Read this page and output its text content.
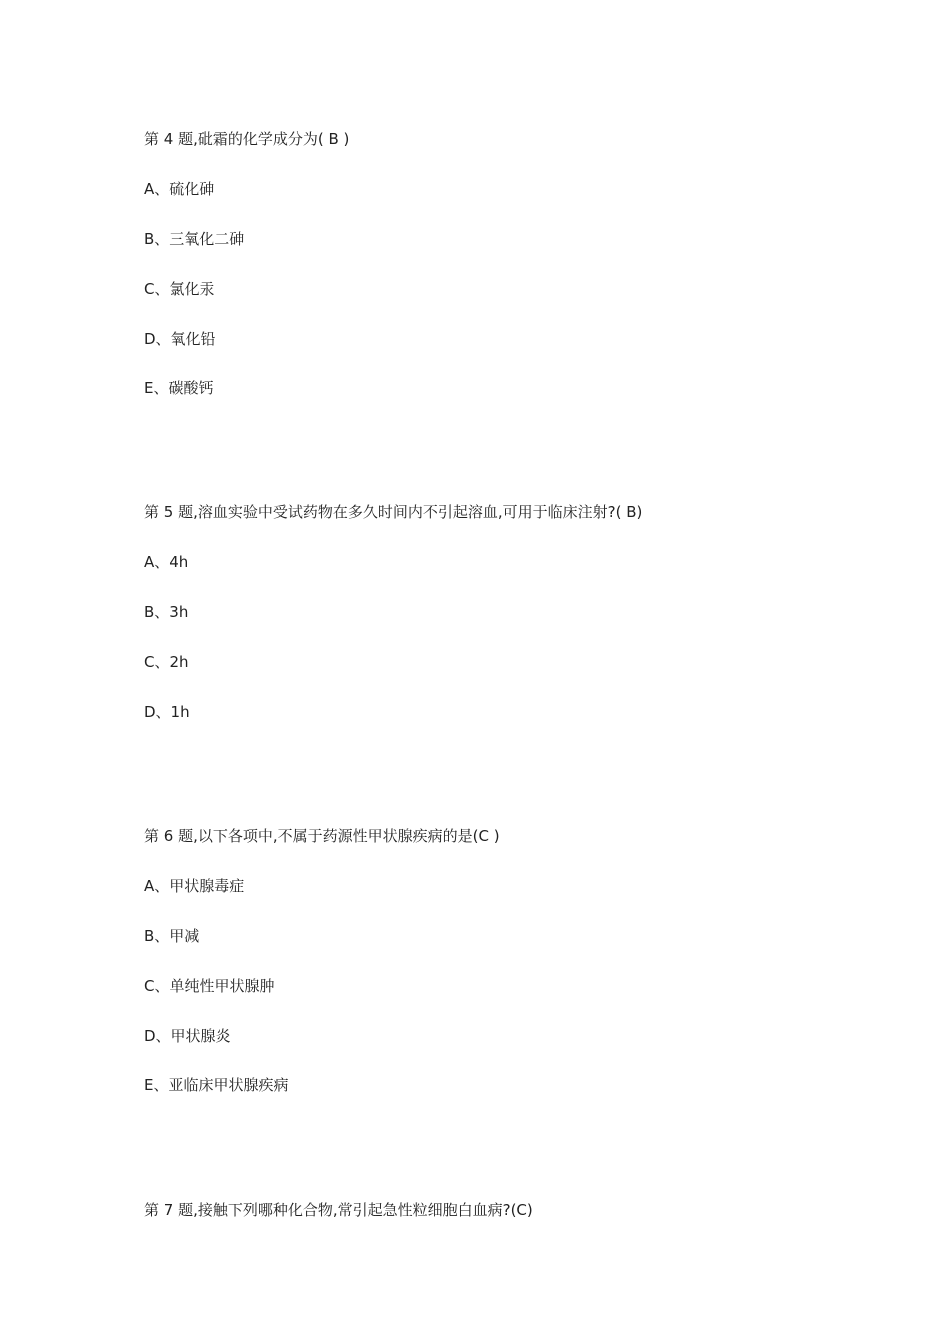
第 4 题,砒霜的化学成分为( B )
A、硫化砷
B、三氧化二砷
C、氯化汞
D、氧化铅
E、碳酸钙
第 5 题,溶血实验中受试药物在多久时间内不引起溶血,可用于临床注射?( B)
A、4h
B、3h
C、2h
D、1h
第 6 题,以下各项中,不属于药源性甲状腺疾病的是(C )
A、甲状腺毒症
B、甲减
C、单纯性甲状腺肿
D、甲状腺炎
E、亚临床甲状腺疾病
第 7 题,接触下列哪种化合物,常引起急性粒细胞白血病?(C)
